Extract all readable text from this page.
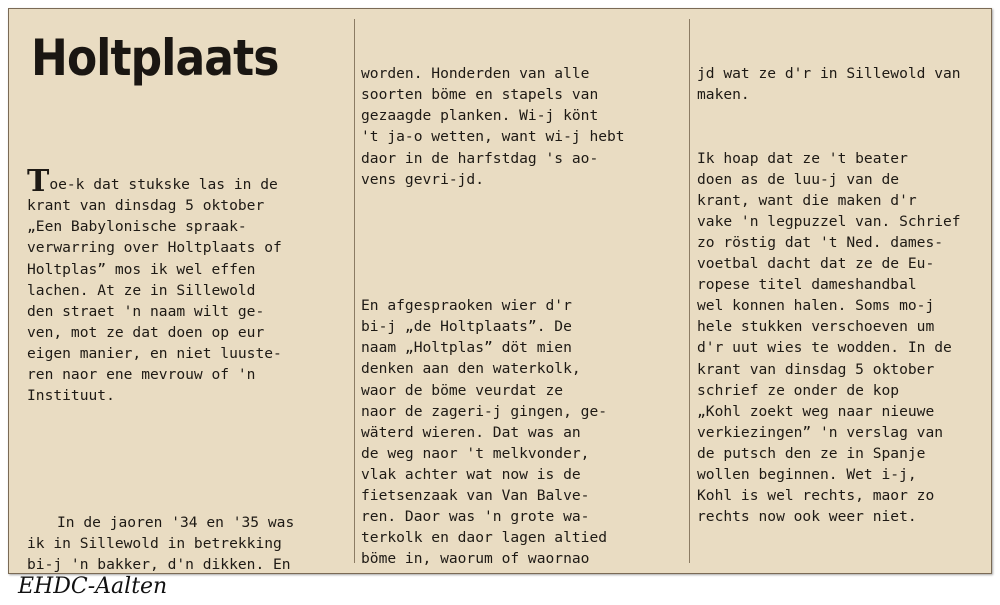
Holtplaats

Toe-k dat stukske las in de
krant van dinsdag 5 oktober
„Een Babylonische spraak-
verwarring over Holtplaats of
Holtplas” mos ik wel effen
lachen. At ze in Sillewold
den straet 'n naam wilt ge-
ven, mot ze dat doen op eur
eigen manier, en niet luuste-
ren naor ene mevrouw of 'n
Instituut.

In de jaoren '34 en '35 was
ik in Sillewold in betrekking
bi-j 'n bakker, d'n dikken. En

worden. Honderden van alle
soorten böme en stapels van
gezaagde planken. Wi-j könt
't ja-o wetten, want wi-j hebt
daor in de harfstdag 's ao-
vens gevri-jd.

En afgespraoken wier d'r
bi-j „de Holtplaats”. De
naam „Holtplas” döt mien
denken aan den waterkolk,
waor de böme veurdat ze
naor de zageri-j gingen, ge-
wäterd wieren. Dat was an
de weg naor 't melkvonder,
vlak achter wat now is de
fietsenzaak van Van Balve-
ren. Daor was 'n grote wa-
terkolk en daor lagen altied
böme in, waorum of waornao

jd wat ze d'r in Sillewold van
maken.

Ik hoap dat ze 't beater
doen as de luu-j van de
krant, want die maken d'r
vake 'n legpuzzel van. Schrief
zo röstig dat 't Ned. dames-
voetbal dacht dat ze de Eu-
ropese titel dameshandbal
wel konnen halen. Soms mo-j
hele stukken verschoeven um
d'r uut wies te wodden. In de
krant van dinsdag 5 oktober
schrief ze onder de kop
„Kohl zoekt weg naar nieuwe
verkiezingen” 'n verslag van
de putsch den ze in Spanje
wollen beginnen. Wet i-j,
Kohl is wel rechts, maor zo
rechts now ook weer niet.

EHDC-Aalten
